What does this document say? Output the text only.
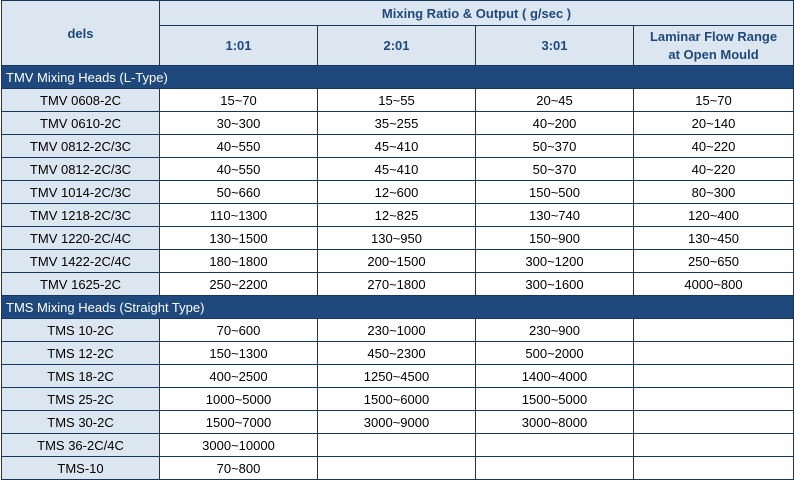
dels	Mixing Ratio & Output ( g/sec )			
	1:01	2:01	3:01	Laminar Flow Range
at Open Mould
TMV Mixing Heads (L-Type)				
TMV 0608-2C	15~70	15~55	20~45	15~70
TMV 0610-2C	30~300	35~255	40~200	20~140
TMV 0812-2C/3C	40~550	45~410	50~370	40~220
TMV 0812-2C/3C	40~550	45~410	50~370	40~220
TMV 1014-2C/3C	50~660	12~600	150~500	80~300
TMV 1218-2C/3C	110~1300	12~825	130~740	120~400
TMV 1220-2C/4C	130~1500	130~950	150~900	130~450
TMV 1422-2C/4C	180~1800	200~1500	300~1200	250~650
TMV 1625-2C	250~2200	270~1800	300~1600	4000~800
TMS Mixing Heads (Straight Type)				
TMS 10-2C	70~600	230~1000	230~900	
TMS 12-2C	150~1300	450~2300	500~2000	
TMS 18-2C	400~2500	1250~4500	1400~4000	
TMS 25-2C	1000~5000	1500~6000	1500~5000	
TMS 30-2C	1500~7000	3000~9000	3000~8000	
TMS 36-2C/4C	3000~10000			
TMS-10	70~800			
